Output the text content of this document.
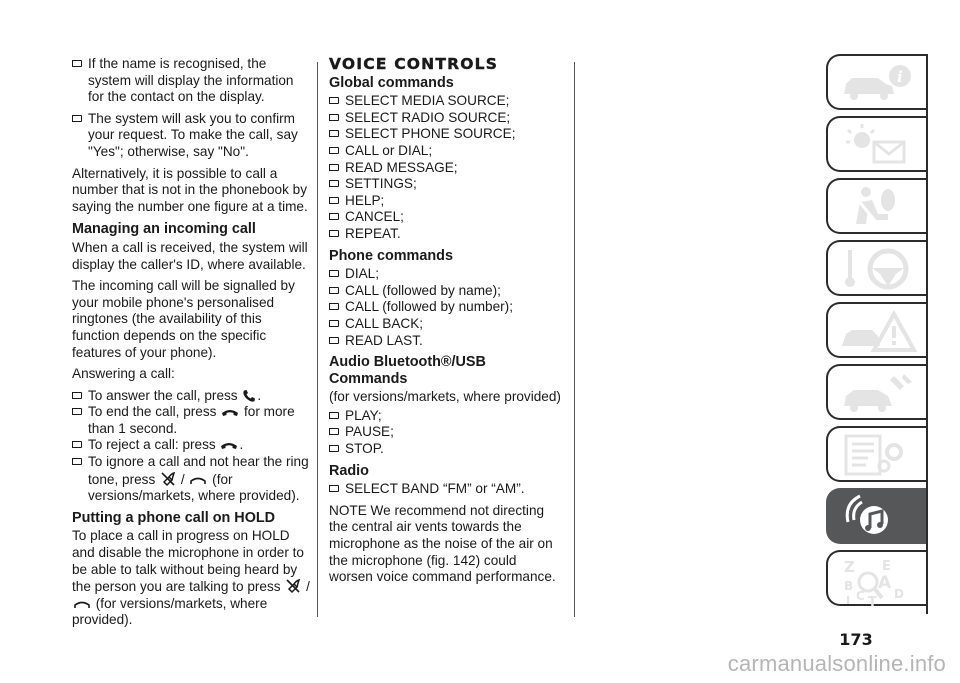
If the name is recognised, the system will display the information for the contact on the display.

The system will ask you to confirm your request. To make the call, say "Yes"; otherwise, say "No".

Alternatively, it is possible to call a number that is not in the phonebook by saying the number one figure at a time.

Managing an incoming call

When a call is received, the system will display the caller's ID, where available.

The incoming call will be signalled by your mobile phone's personalised ringtones (the availability of this function depends on the specific features of your phone).

Answering a call:

To answer the call, press .

To end the call, press for more than 1 second.

To reject a call: press .

To ignore a call and not hear the ring tone, press / (for versions/markets, where provided).

Putting a phone call on HOLD

To place a call in progress on HOLD and disable the microphone in order to be able to talk without being heard by the person you are talking to press /  (for versions/markets, where provided).

VOICE CONTROLS
Global commands

SELECT MEDIA SOURCE;

SELECT RADIO SOURCE;

SELECT PHONE SOURCE;

CALL or DIAL;

READ MESSAGE;

SETTINGS;

HELP;

CANCEL;

REPEAT.

Phone commands

DIAL;

CALL (followed by name);

CALL (followed by number);

CALL BACK;

READ LAST.

Audio Bluetooth®/USB Commands

(for versions/markets, where provided)

PLAY;

PAUSE;

STOP.

Radio

SELECT BAND “FM” or “AM”.

NOTE We recommend not directing the central air vents towards the microphone as the noise of the air on the microphone (fig. 142) could worsen voice command performance.

i
Z E
B A
C D
I T
173
carmanualsonline.info
